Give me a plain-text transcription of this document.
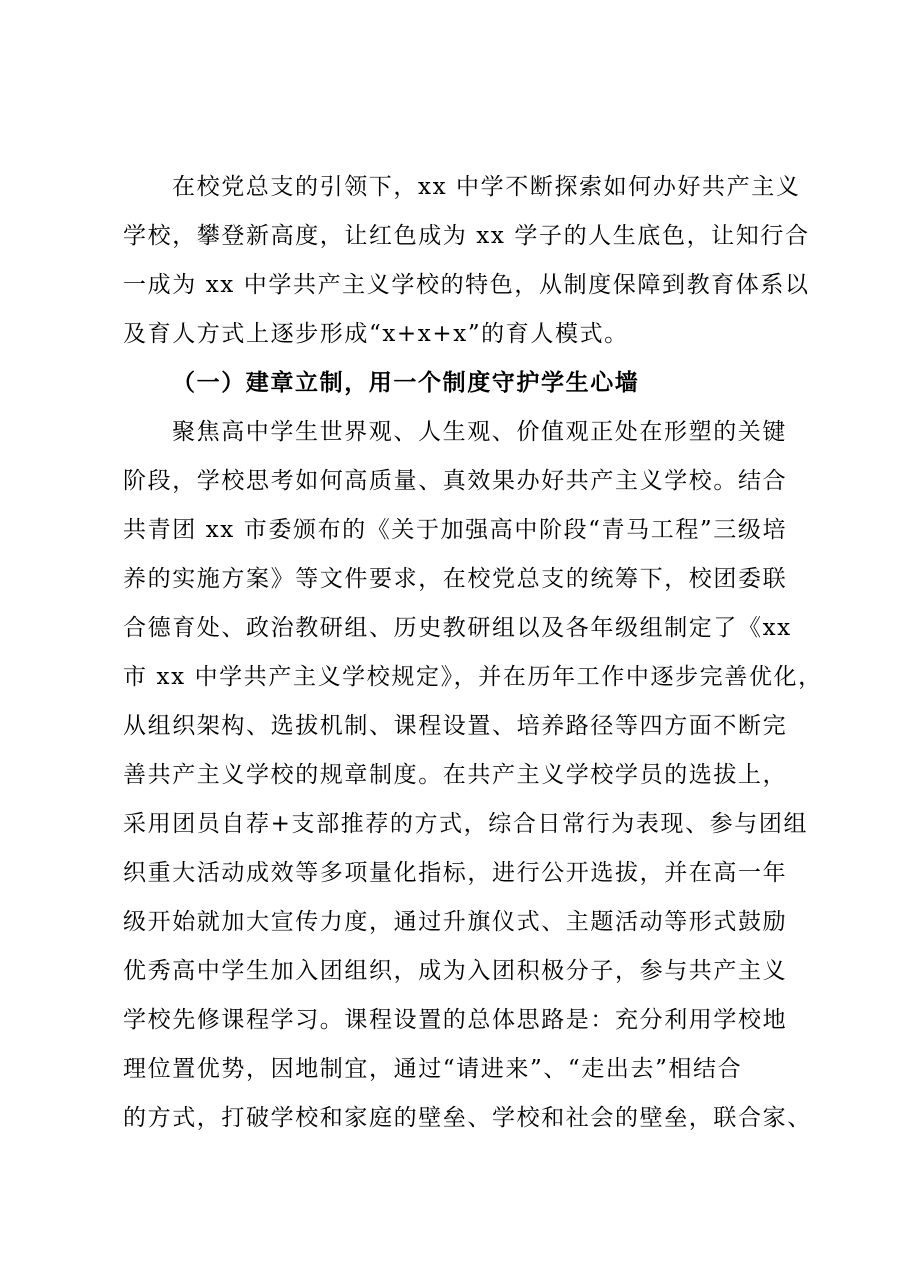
在校党总支的引领下，xx 中学不断探索如何办好共产主义

学校，攀登新高度，让红色成为 xx 学子的人生底色，让知行合

一成为 xx 中学共产主义学校的特色，从制度保障到教育体系以

及育人方式上逐步形成“x+x+x”的育人模式。

（一）建章立制，用一个制度守护学生心墙

聚焦高中学生世界观、人生观、价值观正处在形塑的关键

阶段，学校思考如何高质量、真效果办好共产主义学校。结合

共青团 xx 市委颁布的《关于加强高中阶段“青马工程”三级培

养的实施方案》等文件要求，在校党总支的统筹下，校团委联

合德育处、政治教研组、历史教研组以及各年级组制定了《xx

市 xx 中学共产主义学校规定》，并在历年工作中逐步完善优化，

从组织架构、选拔机制、课程设置、培养路径等四方面不断完

善共产主义学校的规章制度。在共产主义学校学员的选拔上，

采用团员自荐+支部推荐的方式，综合日常行为表现、参与团组

织重大活动成效等多项量化指标，进行公开选拔，并在高一年

级开始就加大宣传力度，通过升旗仪式、主题活动等形式鼓励

优秀高中学生加入团组织，成为入团积极分子，参与共产主义

学校先修课程学习。课程设置的总体思路是：充分利用学校地

理位置优势，因地制宜，通过“请进来”、“走出去”相结合

的方式，打破学校和家庭的壁垒、学校和社会的壁垒，联合家、
